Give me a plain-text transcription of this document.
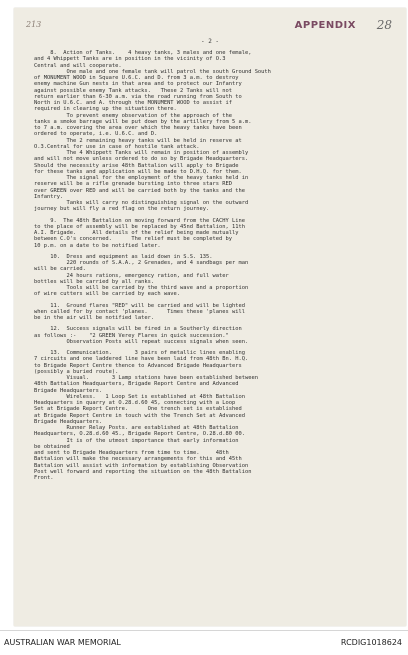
213	APPENDIX 28
- 2 -
8.  Action of Tanks.    4 heavy tanks, 3 males and one female,
and 4 Whippett Tanks are in position in the vicinity of O.3
Central and will cooperate.
One male and one female tank will patrol the south Ground South
of MONUMENT WOOD in Square U.6.C. and D. from 3 a.m. to destroy
enemy machine Gun nests in that area and to protect our Infantry
against possible enemy Tank attacks.   These 2 Tanks will not
return earlier than 6-30 a.m. via the road running from South to
North in U.6.C. and A. through the MONUMENT WOOD to assist if
required in clearing up the situation there.
To prevent enemy observation of the approach of the
tanks a smoke barrage will be put down by the artillery from 5 a.m.
to 7 a.m. covering the area over which the heavy tanks have been
ordered to operate, i.e. U.6.C. and D.
The 2 remaining heavy tanks will be held in reserve at
O.3.Central for use in case of hostile tank attack.
The 4 Whippett Tanks will remain in position of assembly
and will not move unless ordered to do so by Brigade Headquarters.
Should the necessity arise 48th Battalion will apply to Brigade
for these tanks and application will be made to D.H.Q. for them.
The signal for the employment of the heavy tanks held in
reserve will be a rifle grenade bursting into three stars RED
over GREEN over RED and will be carried both by the tanks and the
Infantry.
Tanks will carry no distinguishing signal on the outward
journey but will fly a red flag on the return journey.
9.  The 48th Battalion on moving forward from the CACHY Line
to the place of assembly will be replaced by 45nd Battalion, 11th
A.I. Brigade.     All details of the relief being made mutually
between C.O's concerned.      The relief must be completed by
10 p.m. on a date to be notified later.
10.  Dress and equipment as laid down in S.S. 135.
220 rounds of S.A.A., 2 Grenades, and 4 sandbags per man
will be carried.
24 hours rations, emergency ration, and full water
bottles will be carried by all ranks.
Tools will be carried by the third wave and a proportion
of wire cutters will be carried by each wave.
11.  Ground flares "RED" will be carried and will be lighted
when called for by contact 'planes.      Times these 'planes will
be in the air will be notified later.
12.  Success signals will be fired in a Southerly direction
as follows :-    "2 GREEN Verey Flares in quick succession."
Observation Posts will repeat success signals when seen.
13.  Communication.       3 pairs of metallic lines enabling
7 circuits and one laddered line have been laid from 48th Bn. H.Q.
to Brigade Report Centre thence to Advanced Brigade Headquarters
(possibly a buried route).
Visual.       3 Lamp stations have been established between
48th Battalion Headquarters, Brigade Report Centre and Advanced
Brigade Headquarters.
Wireless.   1 Loop Set is established at 48th Battalion
Headquarters in quarry at O.28.d.60 45, connecting with a Loop
Set at Brigade Report Centre.      One trench set is established
at Brigade Report Centre in touch with the Trench Set at Advanced
Brigade Headquarters.
Runner Relay Posts. are established at 48th Battalion
Headquarters, O.28.d.60 45., Brigade Report Centre, O.28.d.80 00.
It is of the utmost importance that early information
be obtained
and sent to Brigade Headquarters from time to time.     48th
Battalion will make the necessary arrangements for this and 45th
Battalion will assist with information by establishing Observation
Post well forward and reporting the situation on the 48th Battalion
Front.
AUSTRALIAN WAR MEMORIAL	RCDIG1018624
